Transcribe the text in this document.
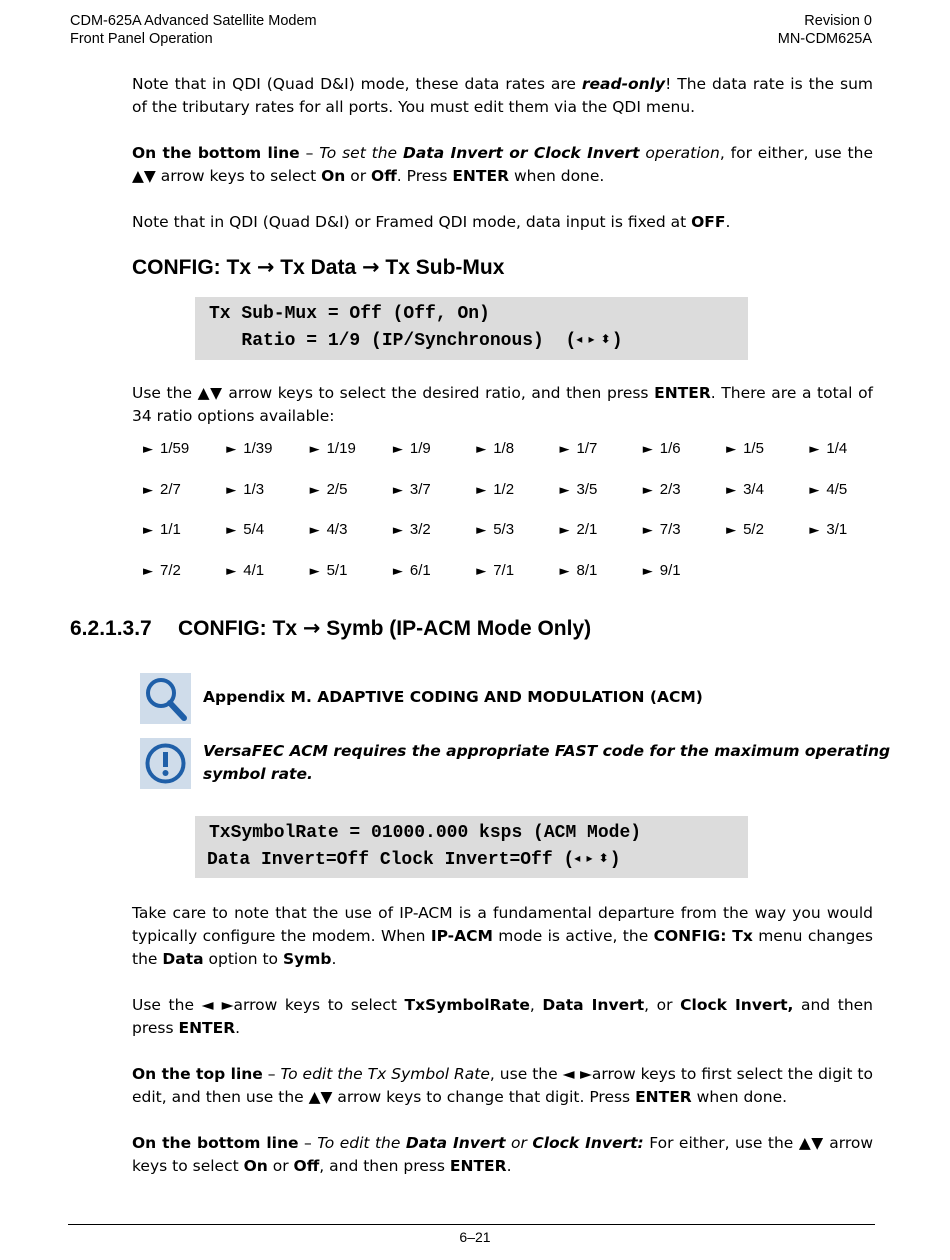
CDM-625A Advanced Satellite Modem
Front Panel Operation
Revision 0
MN-CDM625A

Note that in QDI (Quad D&I) mode, these data rates are read-only! The data rate is the sum of the tributary rates for all ports. You must edit them via the QDI menu.

On the bottom line – To set the Data Invert or Clock Invert operation, for either, use the ▲▼ arrow keys to select On or Off. Press ENTER when done.

Note that in QDI (Quad D&I) or Framed QDI mode, data input is fixed at OFF.

CONFIG: Tx → Tx Data → Tx Sub-Mux
Tx Sub-Mux = Off (Off, On)
Ratio = 1/9 (IP/Synchronous)  (◂ ▸ ⬍)

Use the ▲▼ arrow keys to select the desired ratio, and then press ENTER. There are a total of 34 ratio options available:

► 1/59	► 1/39	► 1/19	► 1/9	► 1/8	► 1/7	► 1/6	► 1/5	► 1/4
► 2/7	► 1/3	► 2/5	► 3/7	► 1/2	► 3/5	► 2/3	► 3/4	► 4/5
► 1/1	► 5/4	► 4/3	► 3/2	► 5/3	► 2/1	► 7/3	► 5/2	► 3/1
► 7/2	► 4/1	► 5/1	► 6/1	► 7/1	► 8/1	► 9/1
6.2.1.3.7 CONFIG: Tx → Symb (IP-ACM Mode Only)
Appendix M. ADAPTIVE CODING AND MODULATION (ACM)
VersaFEC ACM requires the appropriate FAST code for the maximum operating
symbol rate.
TxSymbolRate = 01000.000 ksps (ACM Mode)
Data Invert=Off Clock Invert=Off (◂ ▸ ⬍)

Take care to note that the use of IP-ACM is a fundamental departure from the way you would typically configure the modem. When IP-ACM mode is active, the CONFIG: Tx menu changes the Data option to Symb.

Use the ◄ ►arrow keys to select TxSymbolRate, Data Invert, or Clock Invert, and then press ENTER.

On the top line – To edit the Tx Symbol Rate, use the ◄ ►arrow keys to first select the digit to edit, and then use the ▲▼ arrow keys to change that digit. Press ENTER when done.

On the bottom line – To edit the Data Invert or Clock Invert: For either, use the ▲▼ arrow keys to select On or Off, and then press ENTER.

6–21
